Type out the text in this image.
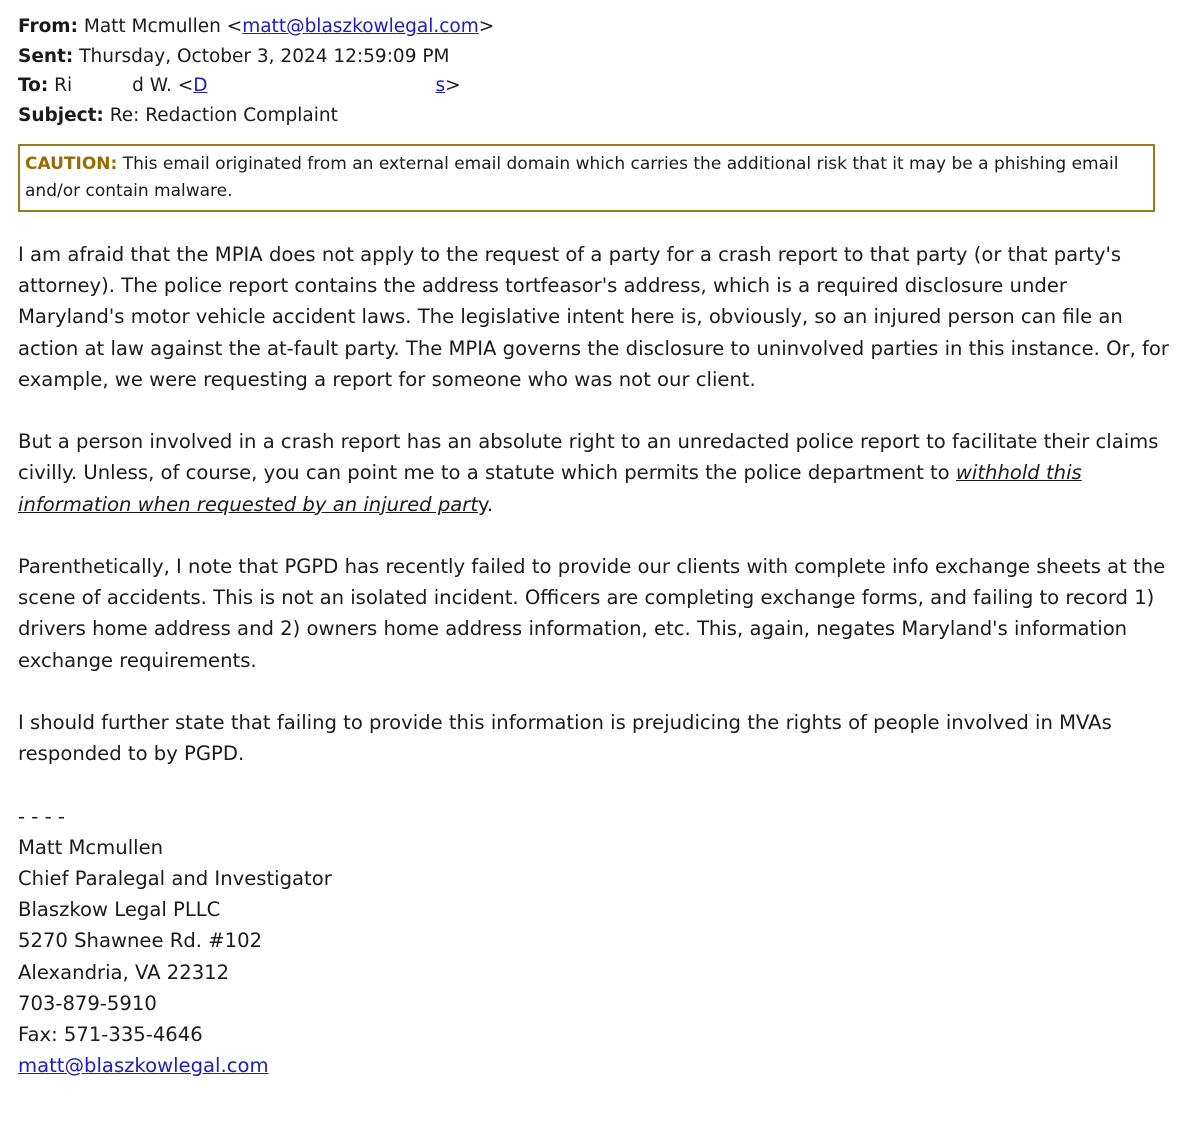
From: Matt Mcmullen <matt@blaszkowlegal.com>
Sent: Thursday, October 3, 2024 12:59:09 PM
To: Ri	d W. <D	s>
Subject: Re: Redaction Complaint
CAUTION: This email originated from an external email domain which carries the additional risk that it may be a phishing email and/or contain malware.

I am afraid that the MPIA does not apply to the request of a party for a crash report to that party (or that party's attorney). The police report contains the address tortfeasor's address, which is a required disclosure under Maryland's motor vehicle accident laws. The legislative intent here is, obviously, so an injured person can file an action at law against the at-fault party. The MPIA governs the disclosure to uninvolved parties in this instance. Or, for example, we were requesting a report for someone who was not our client.

But a person involved in a crash report has an absolute right to an unredacted police report to facilitate their claims civilly. Unless, of course, you can point me to a statute which permits the police department to withhold this information when requested by an injured party.

Parenthetically, I note that PGPD has recently failed to provide our clients with complete info exchange sheets at the scene of accidents. This is not an isolated incident. Officers are completing exchange forms, and failing to record 1) drivers home address and 2) owners home address information, etc. This, again, negates Maryland's information exchange requirements.

I should further state that failing to provide this information is prejudicing the rights of people involved in MVAs responded to by PGPD.

- - - -
Matt Mcmullen
Chief Paralegal and Investigator
Blaszkow Legal PLLC
5270 Shawnee Rd. #102
Alexandria, VA 22312
703-879-5910
Fax: 571-335-4646
matt@blaszkowlegal.com
